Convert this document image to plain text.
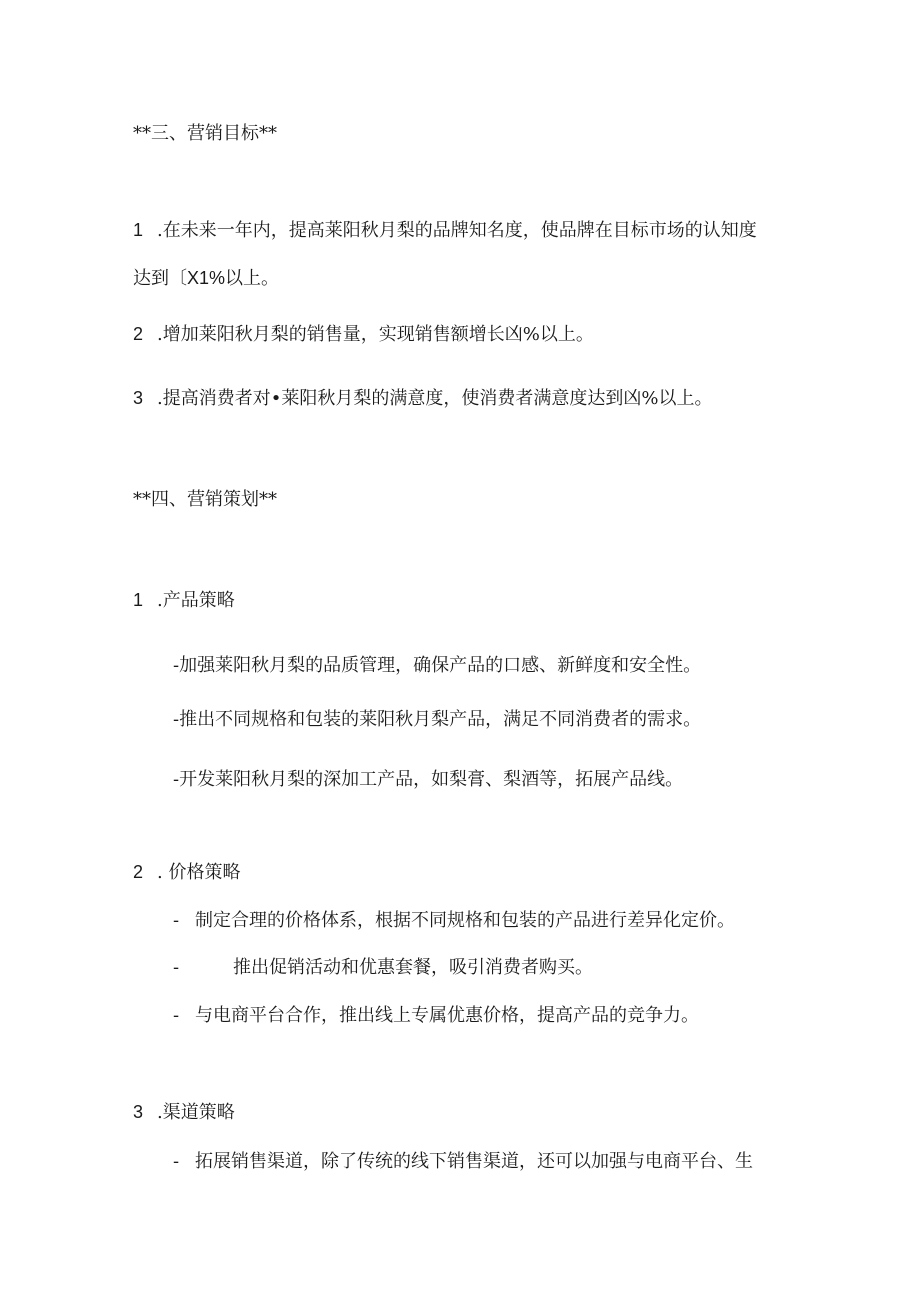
**三、营销目标**
1 .在未来一年内，提高莱阳秋月梨的品牌知名度，使品牌在目标市场的认知度
达到〔X1%以上。
2 .增加莱阳秋月梨的销售量，实现销售额增长凶%以上。
3 .提高消费者对•莱阳秋月梨的满意度，使消费者满意度达到凶%以上。
**四、营销策划**
1 .产品策略
-加强莱阳秋月梨的品质管理，确保产品的口感、新鲜度和安全性。
-推出不同规格和包装的莱阳秋月梨产品，满足不同消费者的需求。
-开发莱阳秋月梨的深加工产品，如梨膏、梨酒等，拓展产品线。
2 . 价格策略
- 制定合理的价格体系，根据不同规格和包装的产品进行差异化定价。
-	推出促销活动和优惠套餐，吸引消费者购买。
- 与电商平台合作，推出线上专属优惠价格，提高产品的竞争力。
3 .渠道策略
- 拓展销售渠道，除了传统的线下销售渠道，还可以加强与电商平台、生
